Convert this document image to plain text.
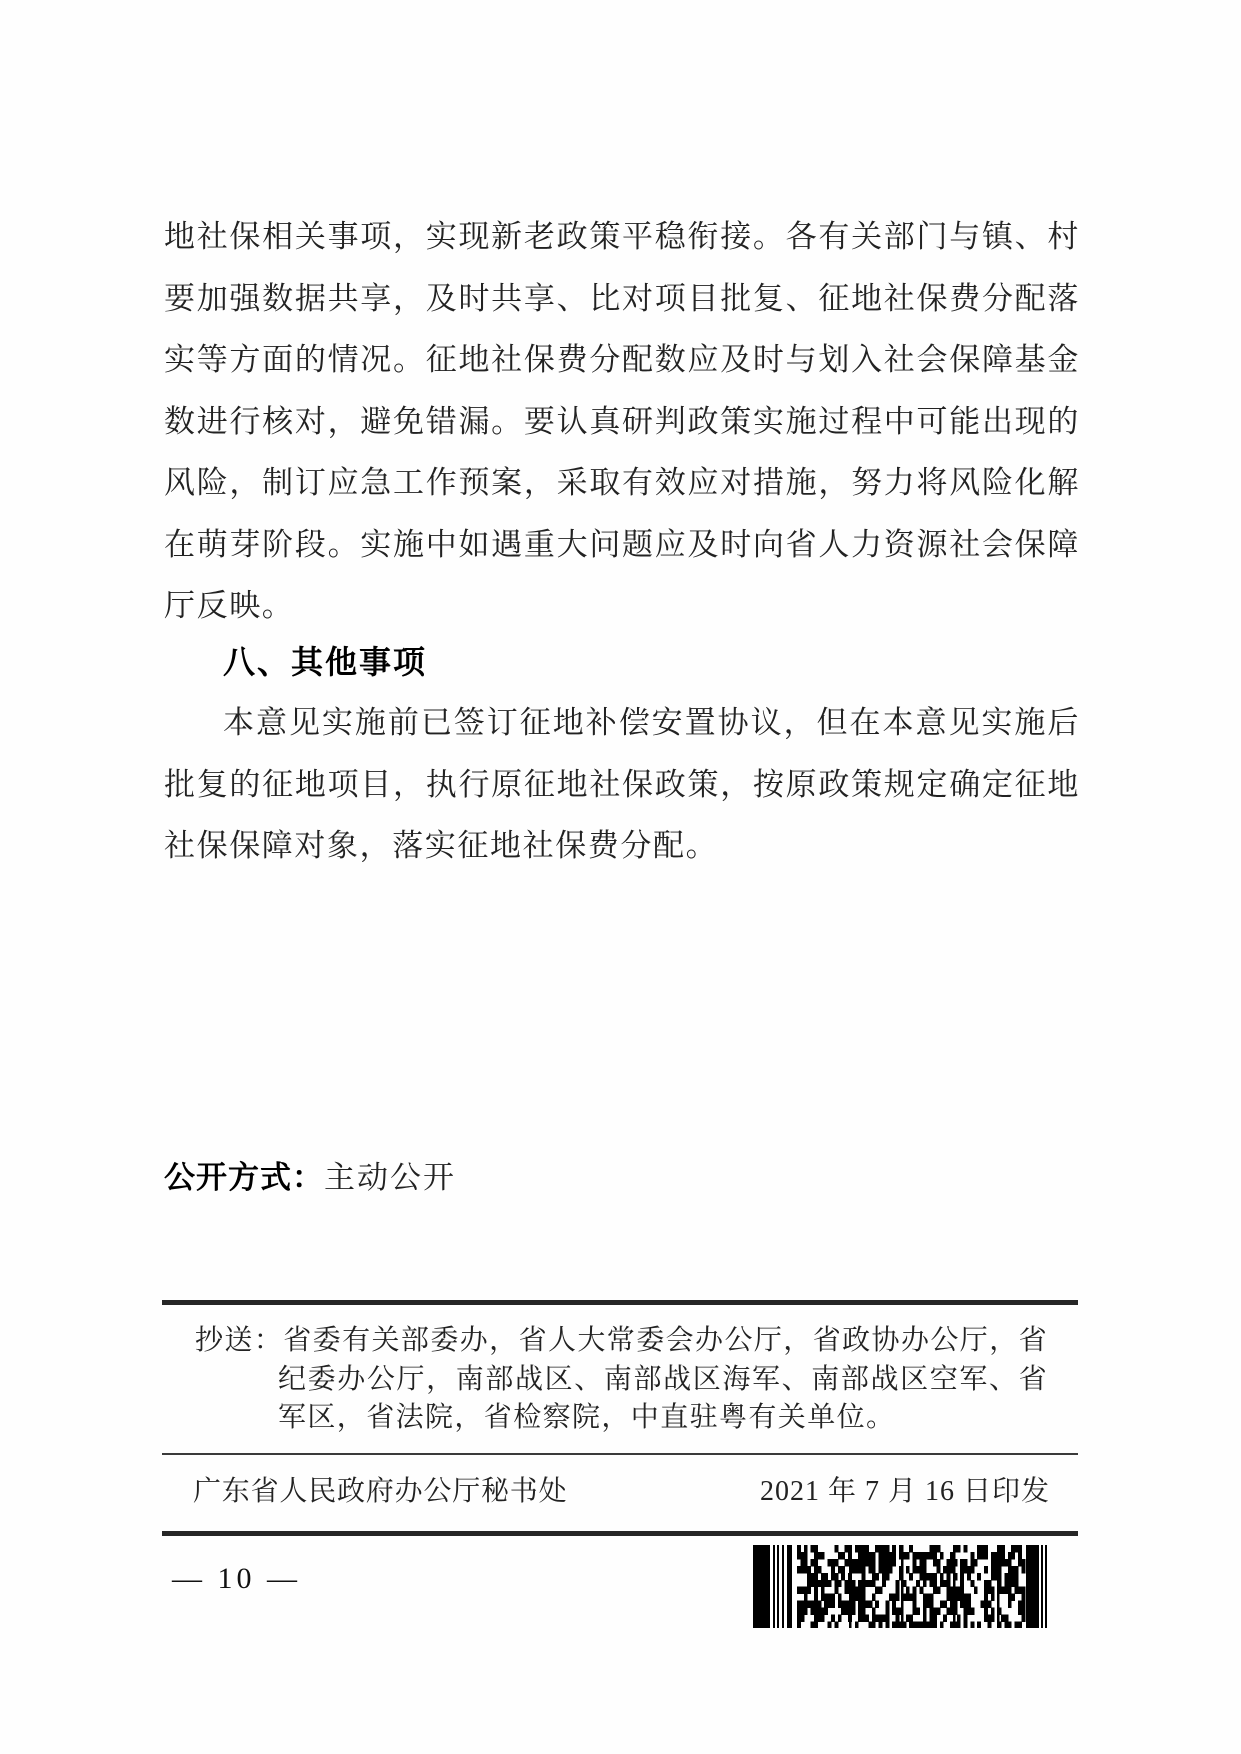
地社保相关事项，实现新老政策平稳衔接。各有关部门与镇、村
要加强数据共享，及时共享、比对项目批复、征地社保费分配落
实等方面的情况。征地社保费分配数应及时与划入社会保障基金
数进行核对，避免错漏。要认真研判政策实施过程中可能出现的
风险，制订应急工作预案，采取有效应对措施，努力将风险化解
在萌芽阶段。实施中如遇重大问题应及时向省人力资源社会保障
厅反映。
八、其他事项
本意见实施前已签订征地补偿安置协议，但在本意见实施后
批复的征地项目，执行原征地社保政策，按原政策规定确定征地
社保保障对象，落实征地社保费分配。
公开方式：主动公开
抄送：省委有关部委办，省人大常委会办公厅，省政协办公厅，省
纪委办公厅，南部战区、南部战区海军、南部战区空军、省
军区，省法院，省检察院，中直驻粤有关单位。
广东省人民政府办公厅秘书处	2021 年 7 月 16 日印发
— 10 —
